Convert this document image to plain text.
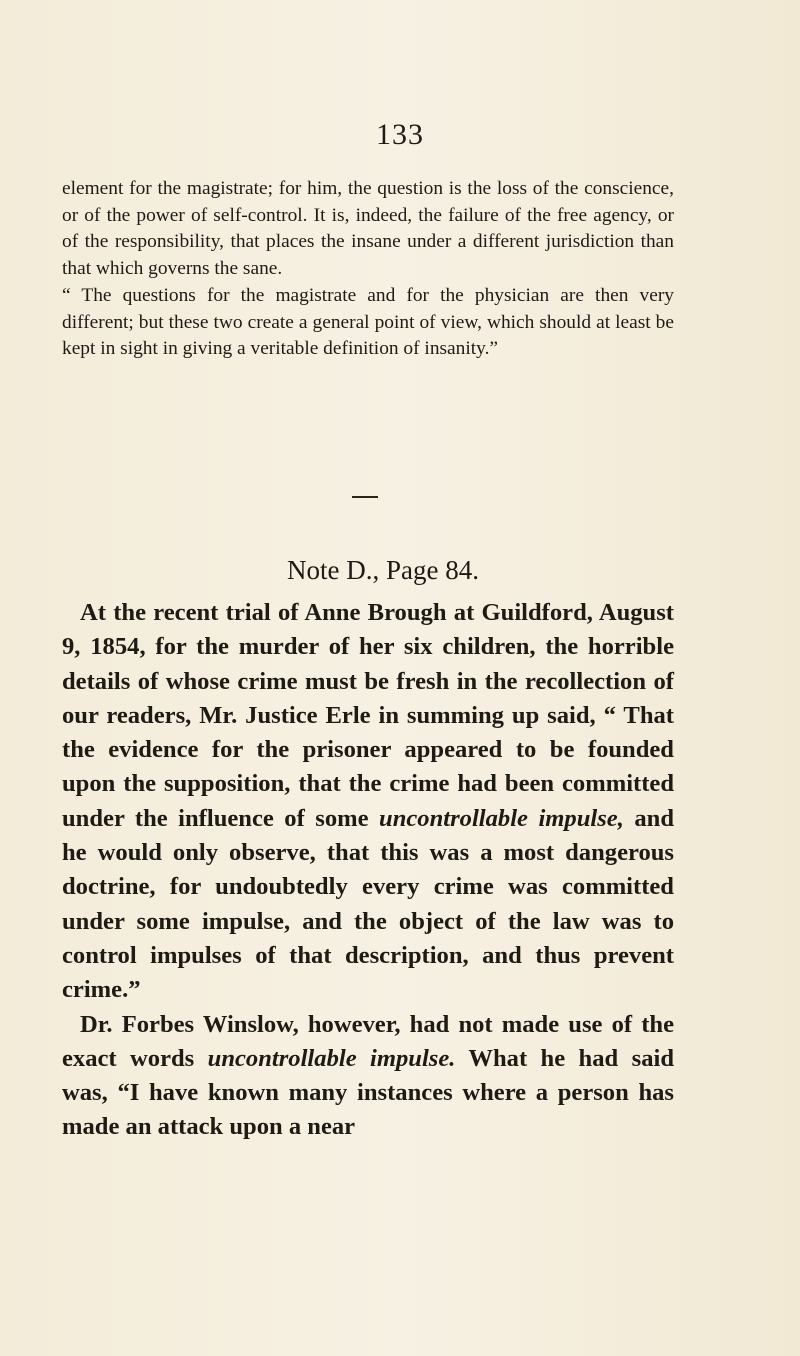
133

element for the magistrate; for him, the question is the loss of the conscience, or of the power of self-control. It is, indeed, the failure of the free agency, or of the responsibility, that places the insane under a different jurisdiction than that which governs the sane.

“ The questions for the magistrate and for the physician are then very different; but these two create a general point of view, which should at least be kept in sight in giving a veritable definition of insanity.”

Note D., Page 84.

At the recent trial of Anne Brough at Guildford, August 9, 1854, for the murder of her six children, the horrible details of whose crime must be fresh in the recollection of our readers, Mr. Justice Erle in summing up said, “ That the evidence for the prisoner appeared to be founded upon the supposition, that the crime had been committed under the influence of some uncontrollable impulse, and he would only observe, that this was a most dangerous doctrine, for undoubtedly every crime was committed under some impulse, and the object of the law was to control impulses of that description, and thus prevent crime.”

Dr. Forbes Winslow, however, had not made use of the exact words uncontrollable impulse. What he had said was, “I have known many instances where a person has made an attack upon a near
